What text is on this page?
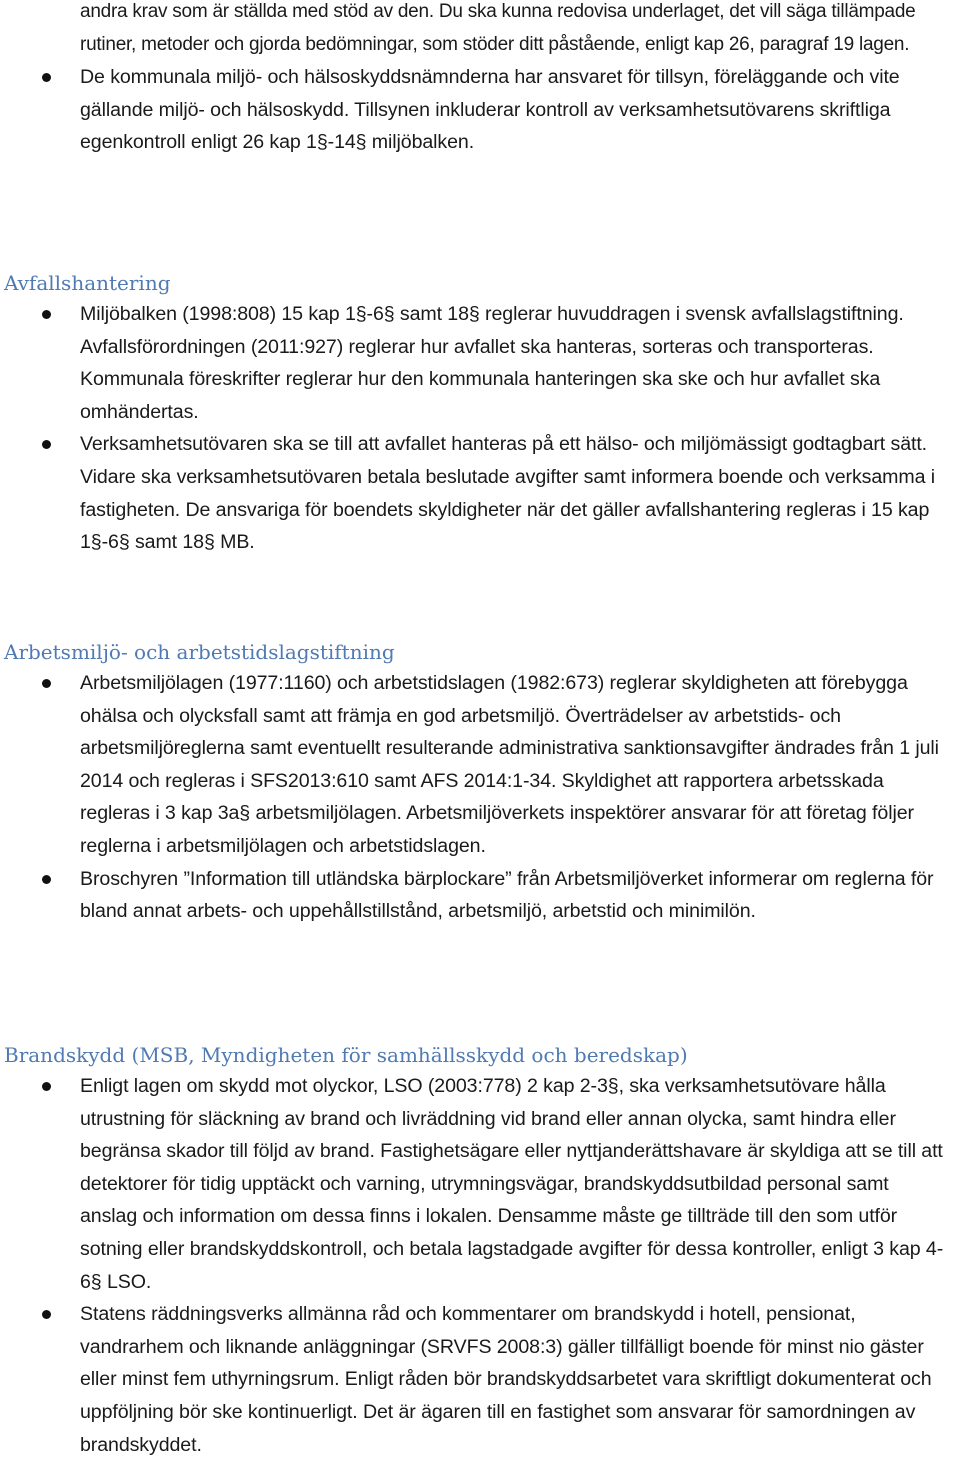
andra krav som är ställda med stöd av den. Du ska kunna redovisa underlaget, det vill säga tillämpade rutiner, metoder och gjorda bedömningar, som stöder ditt påstående, enligt kap 26, paragraf 19 lagen.

De kommunala miljö- och hälsoskyddsnämnderna har ansvaret för tillsyn, föreläggande och vite gällande miljö- och hälsoskydd. Tillsynen inkluderar kontroll av verksamhetsutövarens skriftliga egenkontroll enligt 26 kap 1§-14§ miljöbalken.
Avfallshantering
Miljöbalken (1998:808) 15 kap 1§-6§ samt 18§ reglerar huvuddragen i svensk avfallslagstiftning. Avfallsförordningen (2011:927) reglerar hur avfallet ska hanteras, sorteras och transporteras. Kommunala föreskrifter reglerar hur den kommunala hanteringen ska ske och hur avfallet ska omhändertas.
Verksamhetsutövaren ska se till att avfallet hanteras på ett hälso- och miljömässigt godtagbart sätt. Vidare ska verksamhetsutövaren betala beslutade avgifter samt informera boende och verksamma i fastigheten. De ansvariga för boendets skyldigheter när det gäller avfallshantering regleras i 15 kap 1§-6§ samt 18§ MB.
Arbetsmiljö- och arbetstidslagstiftning
Arbetsmiljölagen (1977:1160) och arbetstidslagen (1982:673) reglerar skyldigheten att förebygga ohälsa och olycksfall samt att främja en god arbetsmiljö. Överträdelser av arbetstids- och arbetsmiljöreglerna samt eventuellt resulterande administrativa sanktionsavgifter ändrades från 1 juli 2014 och regleras i SFS2013:610 samt AFS 2014:1-34. Skyldighet att rapportera arbetsskada regleras i 3 kap 3a§ arbetsmiljölagen. Arbetsmiljöverkets inspektörer ansvarar för att företag följer reglerna i arbetsmiljölagen och arbetstidslagen.
Broschyren ”Information till utländska bärplockare” från Arbetsmiljöverket informerar om reglerna för bland annat arbets- och uppehållstillstånd, arbetsmiljö, arbetstid och minimilön.
Brandskydd (MSB, Myndigheten för samhällsskydd och beredskap)
Enligt lagen om skydd mot olyckor, LSO (2003:778) 2 kap 2-3§, ska verksamhetsutövare hålla utrustning för släckning av brand och livräddning vid brand eller annan olycka, samt hindra eller begränsa skador till följd av brand. Fastighetsägare eller nyttjanderättshavare är skyldiga att se till att detektorer för tidig upptäckt och varning, utrymningsvägar, brandskyddsutbildad personal samt anslag och information om dessa finns i lokalen. Densamme måste ge tillträde till den som utför sotning eller brandskyddskontroll, och betala lagstadgade avgifter för dessa kontroller, enligt 3 kap 4-6§ LSO.
Statens räddningsverks allmänna råd och kommentarer om brandskydd i hotell, pensionat, vandrarhem och liknande anläggningar (SRVFS 2008:3) gäller tillfälligt boende för minst nio gäster eller minst fem uthyrningsrum. Enligt råden bör brandskyddsarbetet vara skriftligt dokumenterat och uppföljning bör ske kontinuerligt. Det är ägaren till en fastighet som ansvarar för samordningen av brandskyddet.
